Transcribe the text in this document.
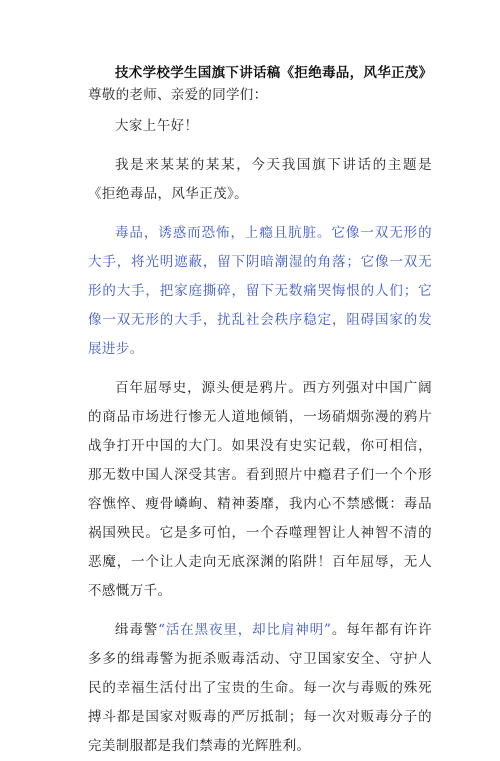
技术学校学生国旗下讲话稿《拒绝毒品，风华正茂》尊敬的老师、亲爱的同学们：

大家上午好！

我是来某某的某某，今天我国旗下讲话的主题是《拒绝毒品，风华正茂》。

毒品，诱惑而恐怖，上瘾且肮脏。它像一双无形的大手，将光明遮蔽，留下阴暗潮湿的角落；它像一双无形的大手，把家庭撕碎，留下无数痛哭悔恨的人们；它像一双无形的大手，扰乱社会秩序稳定，阻碍国家的发展进步。

百年屈辱史，源头便是鸦片。西方列强对中国广阔的商品市场进行惨无人道地倾销，一场硝烟弥漫的鸦片战争打开中国的大门。如果没有史实记载，你可相信，那无数中国人深受其害。看到照片中瘾君子们一个个形容憔悴、瘦骨嶙峋、精神萎靡，我内心不禁感慨：毒品祸国殃民。它是多可怕，一个吞噬理智让人神智不清的恶魔，一个让人走向无底深渊的陷阱！百年屈辱，无人不感慨万千。

缉毒警“活在黑夜里，却比肩神明”。每年都有许许多多的缉毒警为扼杀贩毒活动、守卫国家安全、守护人民的幸福生活付出了宝贵的生命。每一次与毒贩的殊死搏斗都是国家对贩毒的严厉抵制；每一次对贩毒分子的完美制服都是我们禁毒的光辉胜利。
